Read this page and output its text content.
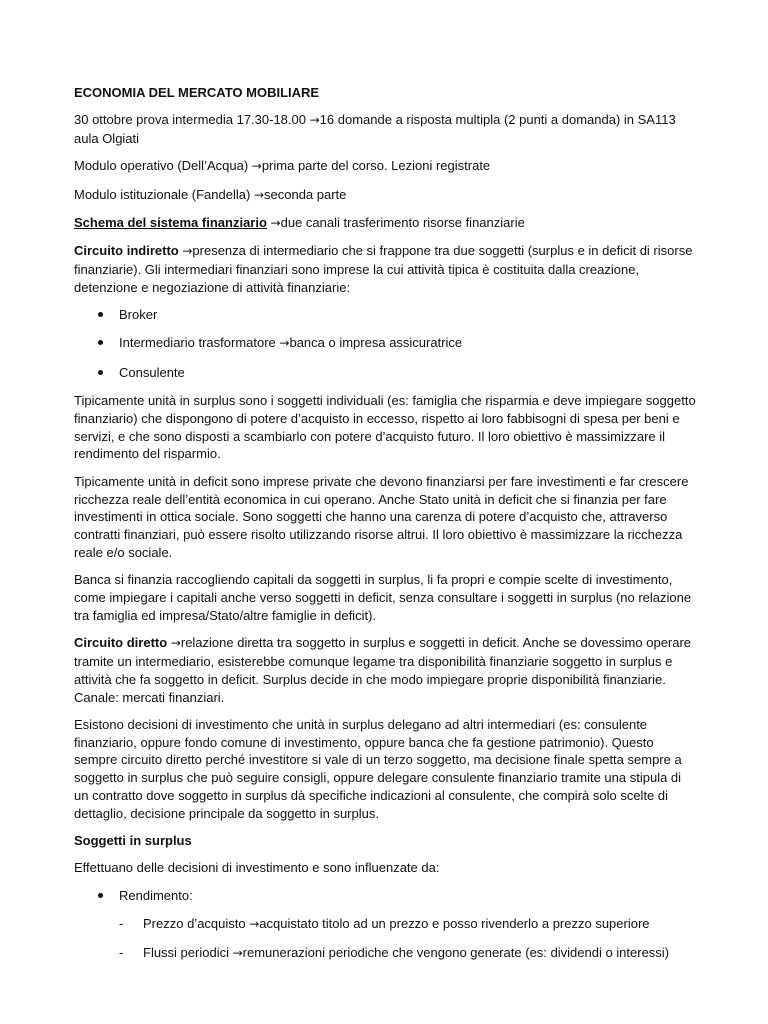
ECONOMIA DEL MERCATO MOBILIARE

30 ottobre prova intermedia 17.30-18.00 →16 domande a risposta multipla (2 punti a domanda) in SA113 aula Olgiati

Modulo operativo (Dell’Acqua) →prima parte del corso. Lezioni registrate

Modulo istituzionale (Fandella) →seconda parte

Schema del sistema finanziario →due canali trasferimento risorse finanziarie

Circuito indiretto →presenza di intermediario che si frappone tra due soggetti (surplus e in deficit di risorse finanziarie). Gli intermediari finanziari sono imprese la cui attività tipica è costituita dalla creazione, detenzione e negoziazione di attività finanziarie:

Broker
Intermediario trasformatore →banca o impresa assicuratrice
Consulente

Tipicamente unità in surplus sono i soggetti individuali (es: famiglia che risparmia e deve impiegare soggetto finanziario) che dispongono di potere d’acquisto in eccesso, rispetto ai loro fabbisogni di spesa per beni e servizi, e che sono disposti a scambiarlo con potere d’acquisto futuro. Il loro obiettivo è massimizzare il rendimento del risparmio.

Tipicamente unità in deficit sono imprese private che devono finanziarsi per fare investimenti e far crescere ricchezza reale dell’entità economica in cui operano. Anche Stato unità in deficit che si finanzia per fare investimenti in ottica sociale. Sono soggetti che hanno una carenza di potere d’acquisto che, attraverso contratti finanziari, può essere risolto utilizzando risorse altrui. Il loro obiettivo è massimizzare la ricchezza reale e/o sociale.

Banca si finanzia raccogliendo capitali da soggetti in surplus, li fa propri e compie scelte di investimento, come impiegare i capitali anche verso soggetti in deficit, senza consultare i soggetti in surplus (no relazione tra famiglia ed impresa/Stato/altre famiglie in deficit).

Circuito diretto →relazione diretta tra soggetto in surplus e soggetti in deficit. Anche se dovessimo operare tramite un intermediario, esisterebbe comunque legame tra disponibilità finanziarie soggetto in surplus e attività che fa soggetto in deficit. Surplus decide in che modo impiegare proprie disponibilità finanziarie. Canale: mercati finanziari.

Esistono decisioni di investimento che unità in surplus delegano ad altri intermediari (es: consulente finanziario, oppure fondo comune di investimento, oppure banca che fa gestione patrimonio). Questo sempre circuito diretto perché investitore si vale di un terzo soggetto, ma decisione finale spetta sempre a soggetto in surplus che può seguire consigli, oppure delegare consulente finanziario tramite una stipula di un contratto dove soggetto in surplus dà specifiche indicazioni al consulente, che compirà solo scelte di dettaglio, decisione principale da soggetto in surplus.

Soggetti in surplus

Effettuano delle decisioni di investimento e sono influenzate da:

Rendimento:
- Prezzo d’acquisto →acquistato titolo ad un prezzo e posso rivenderlo a prezzo superiore
- Flussi periodici →remunerazioni periodiche che vengono generate (es: dividendi o interessi)
